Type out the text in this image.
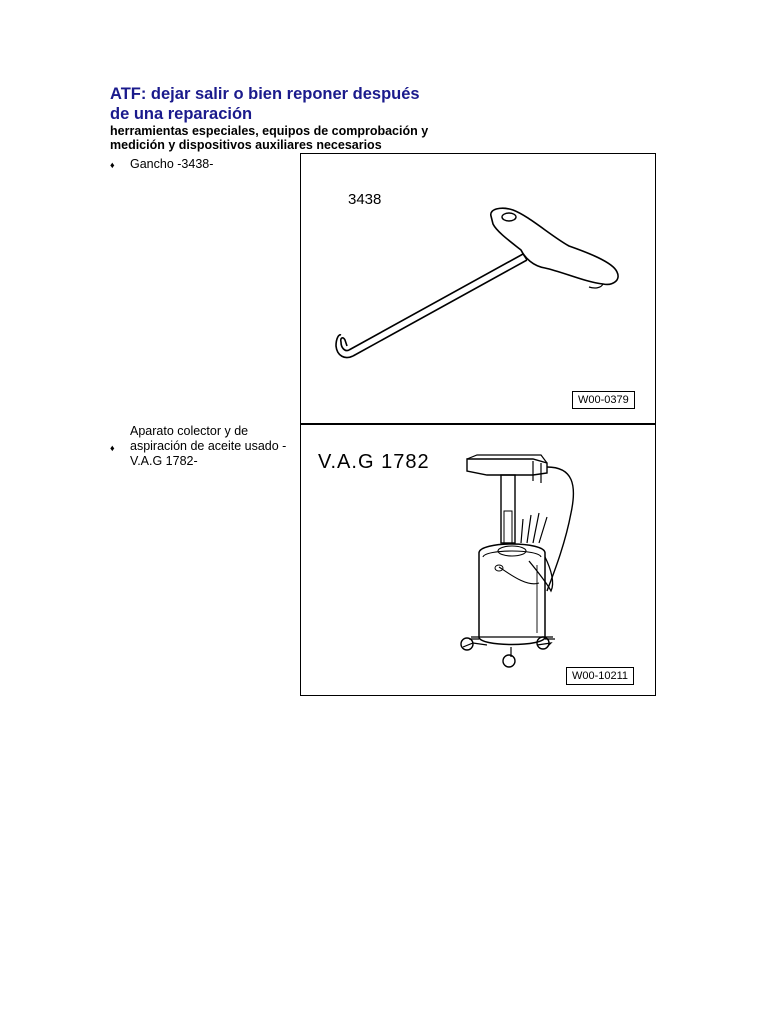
ATF: dejar salir o bien reponer después de una reparación
herramientas especiales, equipos de comprobación y medición y dispositivos auxiliares necesarios
♦ Gancho -3438-
3438
W00-0379
♦
Aparato colector y de aspiración de aceite usado - V.A.G 1782-	V.A.G 1782
W00-10211
